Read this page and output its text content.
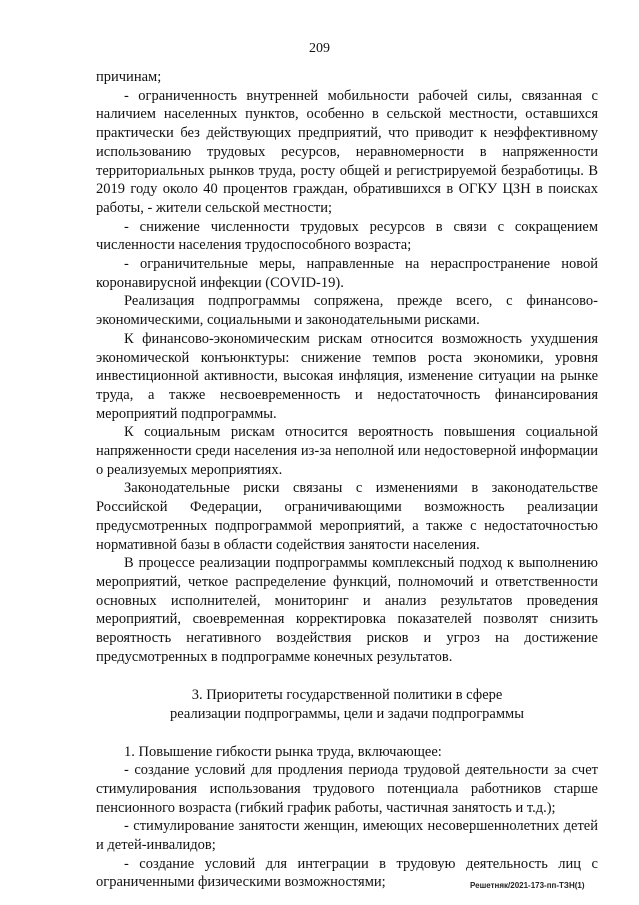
209

причинам;

- ограниченность внутренней мобильности рабочей силы, связанная с наличием населенных пунктов, особенно в сельской местности, оставшихся практически без действующих предприятий, что приводит к неэффективному использованию трудовых ресурсов, неравномерности в напряженности территориальных рынков труда, росту общей и регистрируемой безработицы. В 2019 году около 40 процентов граждан, обратившихся в ОГКУ ЦЗН в поисках работы, - жители сельской местности;

- снижение численности трудовых ресурсов в связи с сокращением численности населения трудоспособного возраста;

- ограничительные меры, направленные на нераспространение новой коронавирусной инфекции (COVID-19).

Реализация подпрограммы сопряжена, прежде всего, с финансово-экономическими, социальными и законодательными рисками.

К финансово-экономическим рискам относится возможность ухудшения экономической конъюнктуры: снижение темпов роста экономики, уровня инвестиционной активности, высокая инфляция, изменение ситуации на рынке труда, а также несвоевременность и недостаточность финансирования мероприятий подпрограммы.

К социальным рискам относится вероятность повышения социальной напряженности среди населения из-за неполной или недостоверной информации о реализуемых мероприятиях.

Законодательные риски связаны с изменениями в законодательстве Российской Федерации, ограничивающими возможность реализации предусмотренных подпрограммой мероприятий, а также с недостаточностью нормативной базы в области содействия занятости населения.

В процессе реализации подпрограммы комплексный подход к выполнению мероприятий, четкое распределение функций, полномочий и ответственности основных исполнителей, мониторинг и анализ результатов проведения мероприятий, своевременная корректировка показателей позволят снизить вероятность негативного воздействия рисков и угроз на достижение предусмотренных в подпрограмме конечных результатов.

3. Приоритеты государственной политики в сфере

реализации подпрограммы, цели и задачи подпрограммы

1. Повышение гибкости рынка труда, включающее:

- создание условий для продления периода трудовой деятельности за счет стимулирования использования трудового потенциала работников старше пенсионного возраста (гибкий график работы, частичная занятость и т.д.);

- стимулирование занятости женщин, имеющих несовершеннолетних детей и детей-инвалидов;

- создание условий для интеграции в трудовую деятельность лиц с ограниченными физическими возможностями;	Решетняк/2021-173-пп-ТЗН(1)
